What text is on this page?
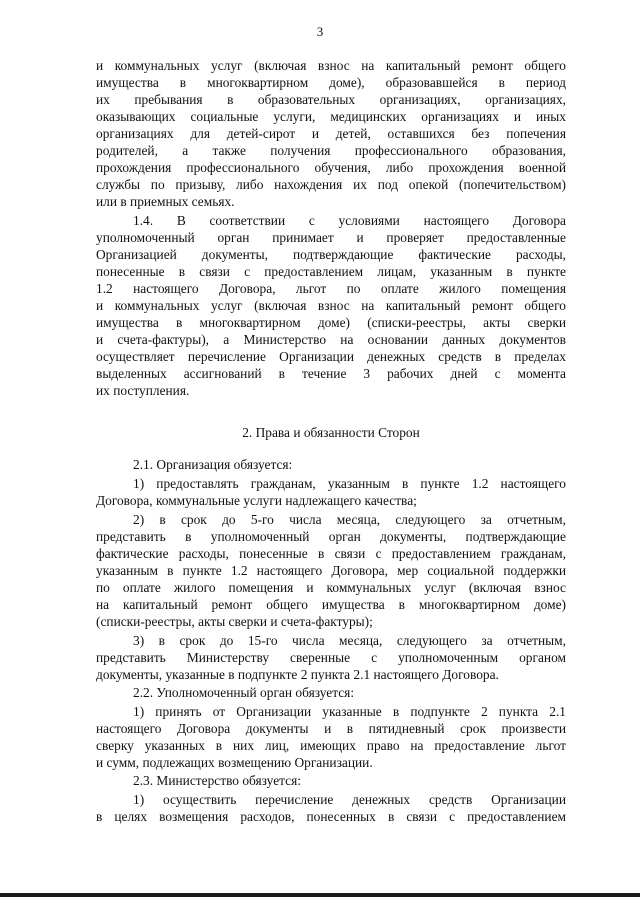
3
и коммунальных услуг (включая взнос на капитальный ремонт общего
имущества в многоквартирном доме), образовавшейся в период
их пребывания в образовательных организациях, организациях,
оказывающих социальные услуги, медицинских организациях и иных
организациях для детей-сирот и детей, оставшихся без попечения
родителей, а также получения профессионального образования,
прохождения профессионального обучения, либо прохождения военной
службы по призыву, либо нахождения их под опекой (попечительством)
или в приемных семьях.
1.4. В соответствии с условиями настоящего Договора
уполномоченный орган принимает и проверяет предоставленные
Организацией документы, подтверждающие фактические расходы,
понесенные в связи с предоставлением лицам, указанным в пункте
1.2 настоящего Договора, льгот по оплате жилого помещения
и коммунальных услуг (включая взнос на капитальный ремонт общего
имущества в многоквартирном доме) (списки-реестры, акты сверки
и счета-фактуры), а Министерство на основании данных документов
осуществляет перечисление Организации денежных средств в пределах
выделенных ассигнований в течение 3 рабочих дней с момента
их поступления.
2. Права и обязанности Сторон
2.1. Организация обязуется:
1) предоставлять гражданам, указанным в пункте 1.2 настоящего
Договора, коммунальные услуги надлежащего качества;
2) в срок до 5-го числа месяца, следующего за отчетным,
представить в уполномоченный орган документы, подтверждающие
фактические расходы, понесенные в связи с предоставлением гражданам,
указанным в пункте 1.2 настоящего Договора, мер социальной поддержки
по оплате жилого помещения и коммунальных услуг (включая взнос
на капитальный ремонт общего имущества в многоквартирном доме)
(списки-реестры, акты сверки и счета-фактуры);
3) в срок до 15-го числа месяца, следующего за отчетным,
представить Министерству сверенные с уполномоченным органом
документы, указанные в подпункте 2 пункта 2.1 настоящего Договора.
2.2. Уполномоченный орган обязуется:
1) принять от Организации указанные в подпункте 2 пункта 2.1
настоящего Договора документы и в пятидневный срок произвести
сверку указанных в них лиц, имеющих право на предоставление льгот
и сумм, подлежащих возмещению Организации.
2.3. Министерство обязуется:
1) осуществить перечисление денежных средств Организации
в целях возмещения расходов, понесенных в связи с предоставлением
